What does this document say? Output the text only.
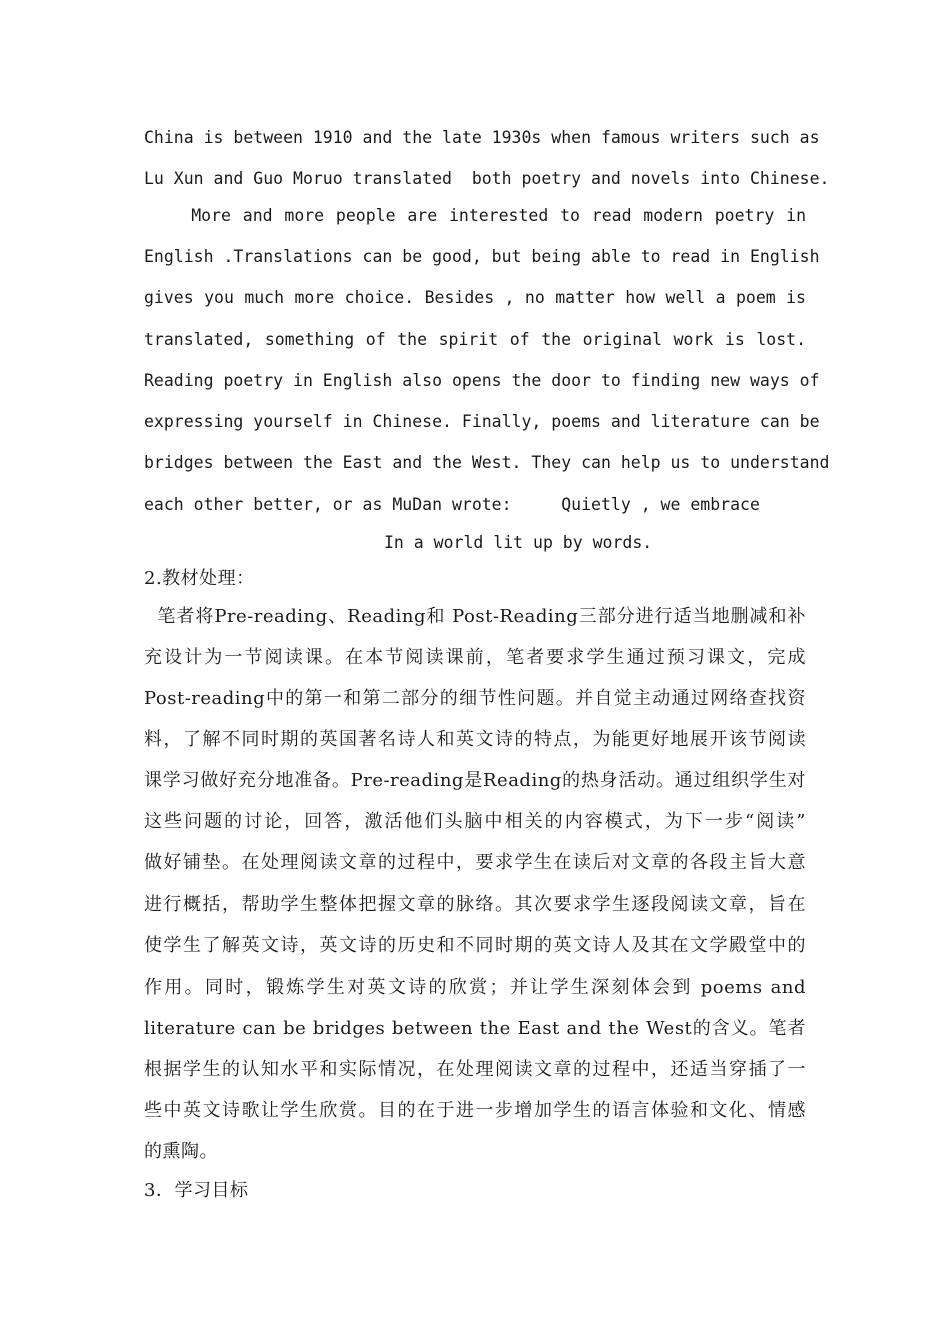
China is between 1910 and the late 1930s when famous writers such as
Lu Xun and Guo Moruo translated  both poetry and novels into Chinese.
More and more people are interested to read modern poetry in
English .Translations can be good, but being able to read in English
gives you much more choice. Besides , no matter how well a poem is
translated, something of the spirit of the original work is lost.
Reading poetry in English also opens the door to finding new ways of
expressing yourself in Chinese. Finally, poems and literature can be
bridges between the East and the West. They can help us to understand
each other better, or as MuDan wrote:     Quietly , we embrace
In a world lit up by words.
2.教材处理：
笔者将Pre-reading、Reading和 Post-Reading三部分进行适当地删减和补
充设计为一节阅读课。在本节阅读课前，笔者要求学生通过预习课文，完成
Post-reading中的第一和第二部分的细节性问题。并自觉主动通过网络查找资
料，了解不同时期的英国著名诗人和英文诗的特点，为能更好地展开该节阅读
课学习做好充分地准备。Pre-reading是Reading的热身活动。通过组织学生对
这些问题的讨论，回答，激活他们头脑中相关的内容模式，为下一步“阅读”
做好铺垫。在处理阅读文章的过程中，要求学生在读后对文章的各段主旨大意
进行概括，帮助学生整体把握文章的脉络。其次要求学生逐段阅读文章，旨在
使学生了解英文诗，英文诗的历史和不同时期的英文诗人及其在文学殿堂中的
作用。同时，锻炼学生对英文诗的欣赏；并让学生深刻体会到 poems and
literature can be bridges between the East and the West的含义。笔者
根据学生的认知水平和实际情况，在处理阅读文章的过程中，还适当穿插了一
些中英文诗歌让学生欣赏。目的在于进一步增加学生的语言体验和文化、情感
的熏陶。
3．学习目标
